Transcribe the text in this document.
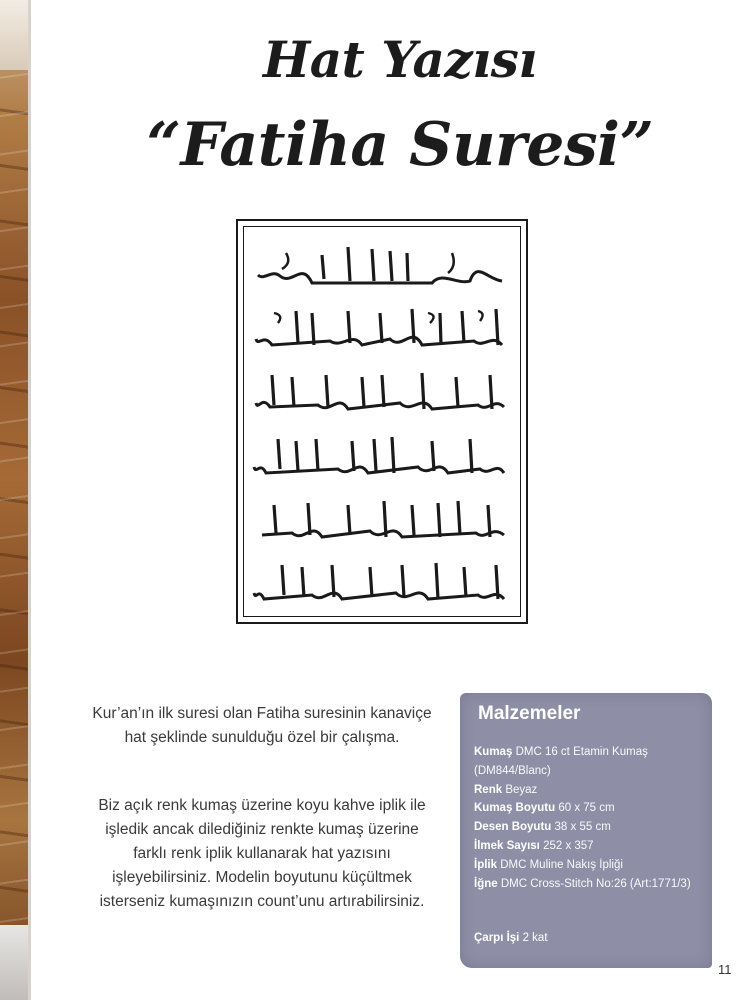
Hat Yazısı
“Fatiha Suresi”
Kur’an’ın ilk suresi olan Fatiha suresinin kanaviçe hat şeklinde sunulduğu özel bir çalışma.
Biz açık renk kumaş üzerine koyu kahve iplik ile işledik ancak dilediğiniz renkte kumaş üzerine farklı renk iplik kullanarak hat yazısını işleyebilirsiniz. Modelin boyutunu küçültmek isterseniz kumaşınızın count’unu artırabilirsiniz.
Malzemeler
Kumaş DMC 16 ct Etamin Kumaş (DM844/Blanc)
Renk Beyaz
Kumaş Boyutu 60 x 75 cm
Desen Boyutu 38 x 55 cm
İlmek Sayısı 252 x 357
İplik DMC Muline Nakış İpliği
İğne DMC Cross-Stitch No:26 (Art:1771/3)
Çarpı İşi 2 kat
11
